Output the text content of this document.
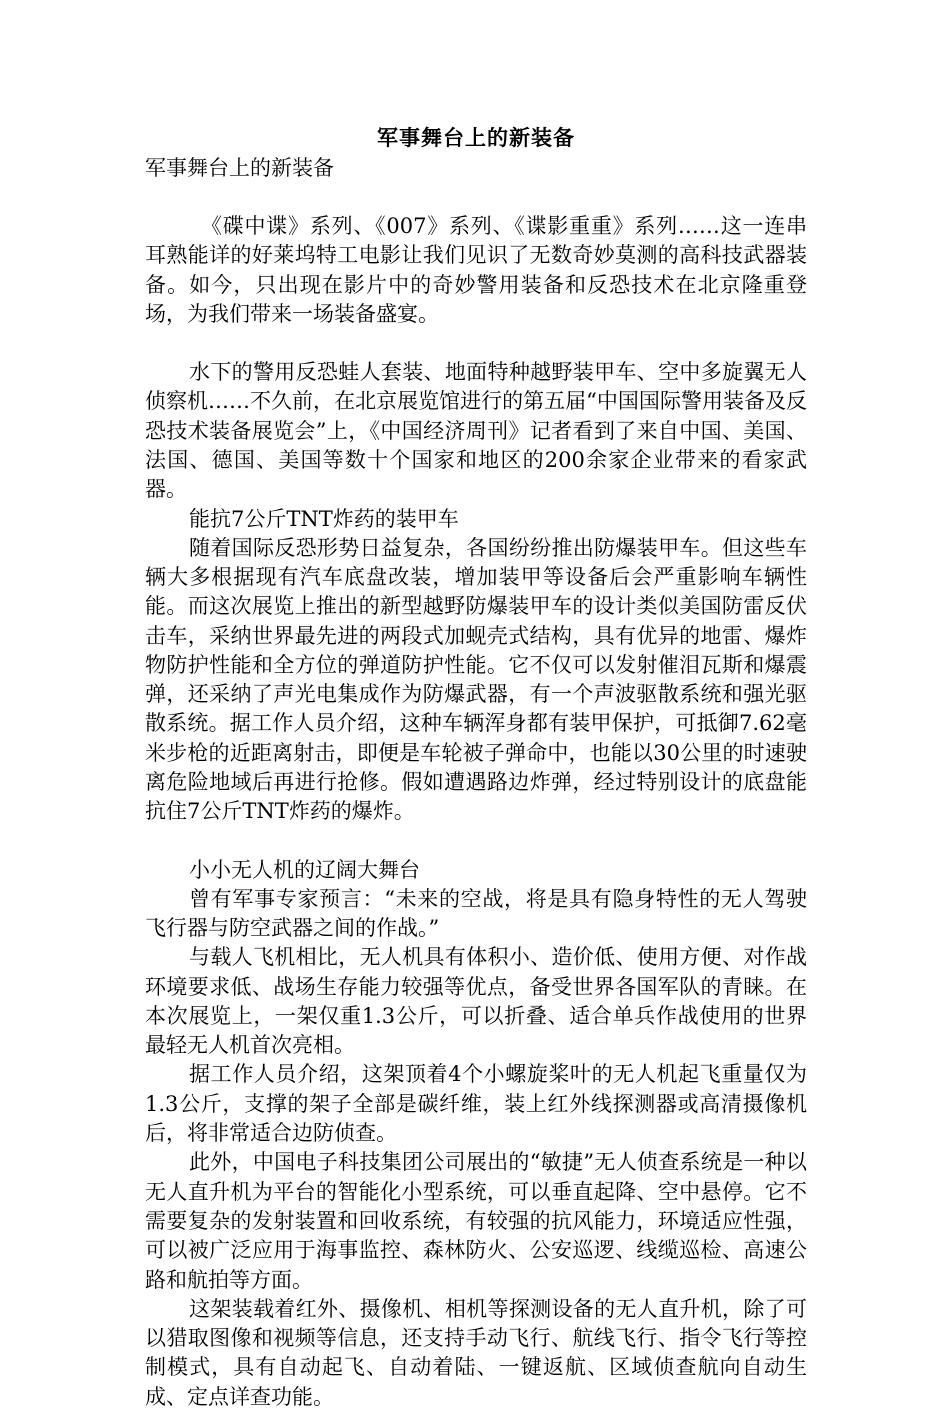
军事舞台上的新装备

军事舞台上的新装备

《碟中谍》系列、《007》系列、《谍影重重》系列……这一连串耳熟能详的好莱坞特工电影让我们见识了无数奇妙莫测的高科技武器装备。如今，只出现在影片中的奇妙警用装备和反恐技术在北京隆重登场，为我们带来一场装备盛宴。

水下的警用反恐蛙人套装、地面特种越野装甲车、空中多旋翼无人侦察机……不久前，在北京展览馆进行的第五届“中国国际警用装备及反恐技术装备展览会”上，《中国经济周刊》记者看到了来自中国、美国、法国、德国、美国等数十个国家和地区的200余家企业带来的看家武器。

能抗7公斤TNT炸药的装甲车

随着国际反恐形势日益复杂，各国纷纷推出防爆装甲车。但这些车辆大多根据现有汽车底盘改装，增加装甲等设备后会严重影响车辆性能。而这次展览上推出的新型越野防爆装甲车的设计类似美国防雷反伏击车，采纳世界最先进的两段式加蚬壳式结构，具有优异的地雷、爆炸物防护性能和全方位的弹道防护性能。它不仅可以发射催泪瓦斯和爆震弹，还采纳了声光电集成作为防爆武器，有一个声波驱散系统和强光驱散系统。据工作人员介绍，这种车辆浑身都有装甲保护，可抵御7.62毫米步枪的近距离射击，即便是车轮被子弹命中，也能以30公里的时速驶离危险地域后再进行抢修。假如遭遇路边炸弹，经过特别设计的底盘能抗住7公斤TNT炸药的爆炸。

小小无人机的辽阔大舞台

曾有军事专家预言：“未来的空战，将是具有隐身特性的无人驾驶飞行器与防空武器之间的作战。”

与载人飞机相比，无人机具有体积小、造价低、使用方便、对作战环境要求低、战场生存能力较强等优点，备受世界各国军队的青睐。在本次展览上，一架仅重1.3公斤，可以折叠、适合单兵作战使用的世界最轻无人机首次亮相。

据工作人员介绍，这架顶着4个小螺旋桨叶的无人机起飞重量仅为1.3公斤，支撑的架子全部是碳纤维，装上红外线探测器或高清摄像机后，将非常适合边防侦查。

此外，中国电子科技集团公司展出的“敏捷”无人侦查系统是一种以无人直升机为平台的智能化小型系统，可以垂直起降、空中悬停。它不需要复杂的发射装置和回收系统，有较强的抗风能力，环境适应性强，可以被广泛应用于海事监控、森林防火、公安巡逻、线缆巡检、高速公路和航拍等方面。

这架装载着红外、摄像机、相机等探测设备的无人直升机，除了可以猎取图像和视频等信息，还支持手动飞行、航线飞行、指令飞行等控制模式，具有自动起飞、自动着陆、一键返航、区域侦查航向自动生成、定点详查功能。
